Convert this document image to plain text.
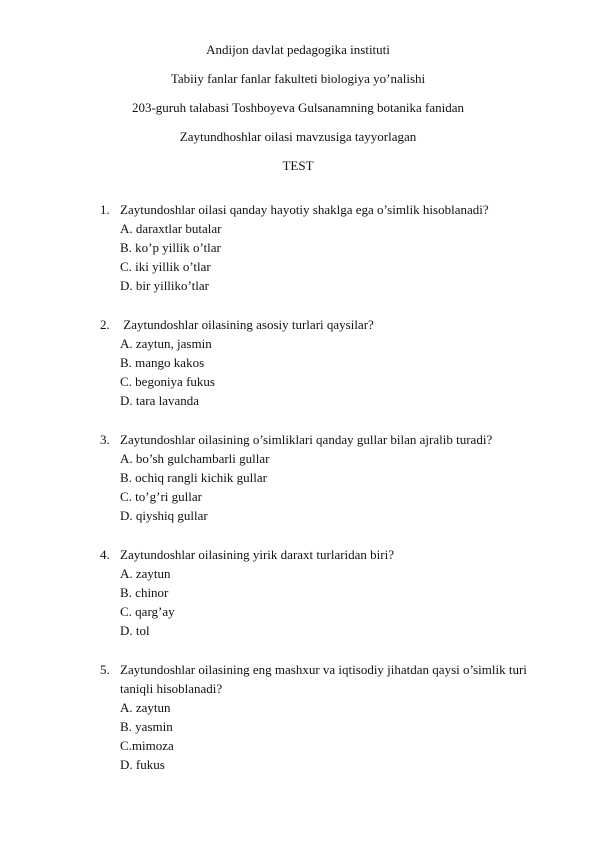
Andijon davlat pedagogika instituti
Tabiiy fanlar fanlar fakulteti biologiya yo’nalishi
203-guruh talabasi Toshboyeva Gulsanamning botanika fanidan
Zaytundhoshlar oilasi mavzusiga tayyorlagan
TEST
1. Zaytundoshlar oilasi qanday hayotiy shaklga ega o’simlik hisoblanadi?
A. daraxtlar butalar
B. ko’p yillik o’tlar
C. iki yillik o’tlar
D. bir yilliko’tlar
2. Zaytundoshlar oilasining asosiy turlari qaysilar?
A. zaytun, jasmin
B. mango kakos
C. begoniya fukus
D. tara lavanda
3. Zaytundoshlar oilasining o’simliklari qanday gullar bilan ajralib turadi?
A. bo’sh gulchambarli gullar
B. ochiq rangli kichik gullar
C. to’g’ri gullar
D. qiyshiq gullar
4. Zaytundoshlar oilasining yirik daraxt turlaridan biri?
A. zaytun
B. chinor
C. qarg’ay
D. tol
5. Zaytundoshlar oilasining eng mashxur va iqtisodiy jihatdan qaysi o’simlik turi taniqli hisoblanadi?
A. zaytun
B. yasmin
C.mimoza
D. fukus
